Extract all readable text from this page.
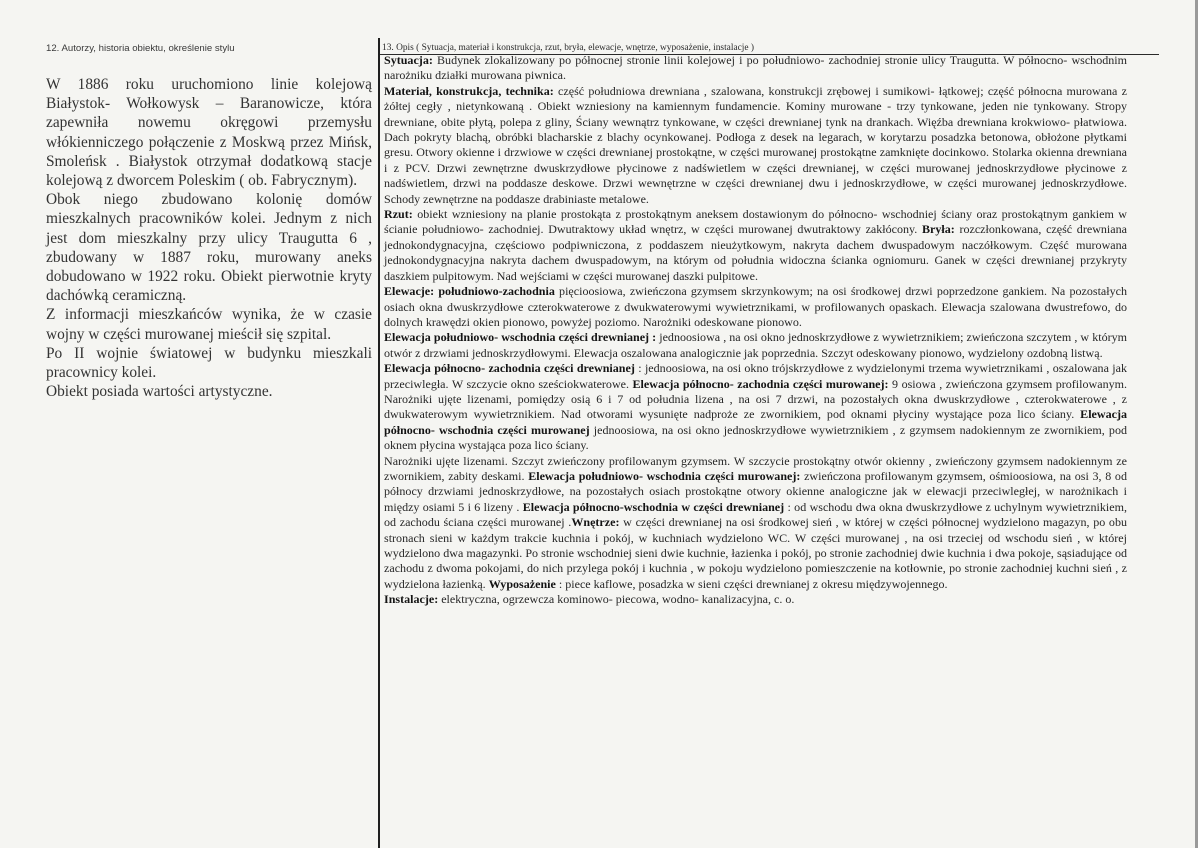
12. Autorzy, historia obiektu, określenie stylu	13. Opis ( Sytuacja, materiał i konstrukcja, rzut, bryła, elewacje, wnętrze, wyposażenie, instalacje )

W 1886 roku uruchomiono linie kolejową Białystok- Wołkowysk – Baranowicze, która zapewniła nowemu okręgowi przemysłu włókienniczego połączenie z Moskwą przez Mińsk, Smoleńsk . Białystok otrzymał dodatkową stacje kolejową z dworcem Poleskim ( ob. Fabrycznym).

Obok niego zbudowano kolonię domów mieszkalnych pracowników kolei. Jednym z nich jest dom mieszkalny przy ulicy Traugutta 6 , zbudowany w 1887 roku, murowany aneks dobudowano w 1922 roku. Obiekt pierwotnie kryty dachówką ceramiczną.

Z informacji mieszkańców wynika, że w czasie wojny w części murowanej mieścił się szpital.

Po II wojnie światowej w budynku mieszkali pracownicy kolei.

Obiekt posiada wartości artystyczne.

Sytuacja: Budynek zlokalizowany po północnej stronie linii kolejowej i po południowo- zachodniej stronie ulicy Traugutta. W północno- wschodnim narożniku działki murowana piwnica.

Materiał, konstrukcja, technika: część południowa drewniana , szalowana, konstrukcji zrębowej i sumikowi- łątkowej; część północna murowana z żółtej cegły , nietynkowaną . Obiekt wzniesiony na kamiennym fundamencie. Kominy murowane - trzy tynkowane, jeden nie tynkowany. Stropy drewniane, obite płytą, polepa z gliny, Ściany wewnątrz tynkowane, w części drewnianej tynk na drankach. Więźba drewniana krokwiowo- płatwiowa. Dach pokryty blachą, obróbki blacharskie z blachy ocynkowanej. Podłoga z desek na legarach, w korytarzu posadzka betonowa, obłożone płytkami gresu. Otwory okienne i drzwiowe w części drewnianej prostokątne, w części murowanej prostokątne zamknięte docinkowo. Stolarka okienna drewniana i z PCV. Drzwi zewnętrzne dwuskrzydłowe płycinowe z nadświetlem w części drewnianej, w części murowanej jednoskrzydłowe płycinowe z nadświetlem, drzwi na poddasze deskowe. Drzwi wewnętrzne w części drewnianej dwu i jednoskrzydłowe, w części murowanej jednoskrzydłowe. Schody zewnętrzne na poddasze drabiniaste metalowe.

Rzut: obiekt wzniesiony na planie prostokąta z prostokątnym aneksem dostawionym do północno- wschodniej ściany oraz prostokątnym gankiem w ścianie południowo- zachodniej. Dwutraktowy układ wnętrz, w części murowanej dwutraktowy zakłócony. Bryła: rozczłonkowana, część drewniana jednokondygnacyjna, częściowo podpiwniczona, z poddaszem nieużytkowym, nakryta dachem dwuspadowym naczółkowym. Część murowana jednokondygnacyjna nakryta dachem dwuspadowym, na którym od południa widoczna ścianka ogniomuru. Ganek w części drewnianej przykryty daszkiem pulpitowym. Nad wejściami w części murowanej daszki pulpitowe.

Elewacje: południowo-zachodnia pięcioosiowa, zwieńczona gzymsem skrzynkowym; na osi środkowej drzwi poprzedzone gankiem. Na pozostałych osiach okna dwuskrzydłowe czterokwaterowe z dwukwaterowymi wywietrznikami, w profilowanych opaskach. Elewacja szalowana dwustrefowo, do dolnych krawędzi okien pionowo, powyżej poziomo. Narożniki odeskowane pionowo.

Elewacja południowo- wschodnia części drewnianej : jednoosiowa , na osi okno jednoskrzydłowe z wywietrznikiem; zwieńczona szczytem , w którym otwór z drzwiami jednoskrzydłowymi. Elewacja oszalowana analogicznie jak poprzednia. Szczyt odeskowany pionowo, wydzielony ozdobną listwą.

Elewacja północno- zachodnia części drewnianej : jednoosiowa, na osi okno trójskrzydłowe z wydzielonymi trzema wywietrznikami , oszalowana jak przeciwległa. W szczycie okno sześciokwaterowe. Elewacja północno- zachodnia części murowanej: 9 osiowa , zwieńczona gzymsem profilowanym. Narożniki ujęte lizenami, pomiędzy osią 6 i 7 od południa lizena , na osi 7 drzwi, na pozostałych okna dwuskrzydłowe , czterokwaterowe , z dwukwaterowym wywietrznikiem. Nad otworami wysunięte nadproże ze zwornikiem, pod oknami płyciny wystające poza lico ściany. Elewacja północno- wschodnia części murowanej jednoosiowa, na osi okno jednoskrzydłowe wywietrznikiem , z gzymsem nadokiennym ze zwornikiem, pod oknem płycina wystająca poza lico ściany.

Narożniki ujęte lizenami. Szczyt zwieńczony profilowanym gzymsem. W szczycie prostokątny otwór okienny , zwieńczony gzymsem nadokiennym ze zwornikiem, zabity deskami. Elewacja południowo- wschodnia części murowanej: zwieńczona profilowanym gzymsem, ośmioosiowa, na osi 3, 8 od północy drzwiami jednoskrzydłowe, na pozostałych osiach prostokątne otwory okienne analogiczne jak w elewacji przeciwległej, w narożnikach i między osiami 5 i 6 lizeny . Elewacja północno-wschodnia w części drewnianej : od wschodu dwa okna dwuskrzydłowe z uchylnym wywietrznikiem, od zachodu ściana części murowanej .Wnętrze: w części drewnianej na osi środkowej sień , w której w części północnej wydzielono magazyn, po obu stronach sieni w każdym trakcie kuchnia i pokój, w kuchniach wydzielono WC. W części murowanej , na osi trzeciej od wschodu sień , w której wydzielono dwa magazynki. Po stronie wschodniej sieni dwie kuchnie, łazienka i pokój, po stronie zachodniej dwie kuchnia i dwa pokoje, sąsiadujące od zachodu z dwoma pokojami, do nich przylega pokój i kuchnia , w pokoju wydzielono pomieszczenie na kotłownie, po stronie zachodniej kuchni sień , z wydzielona łazienką. Wyposażenie : piece kaflowe, posadzka w sieni części drewnianej z okresu międzywojennego.

Instalacje: elektryczna, ogrzewcza kominowo- piecowa, wodno- kanalizacyjna, c. o.
